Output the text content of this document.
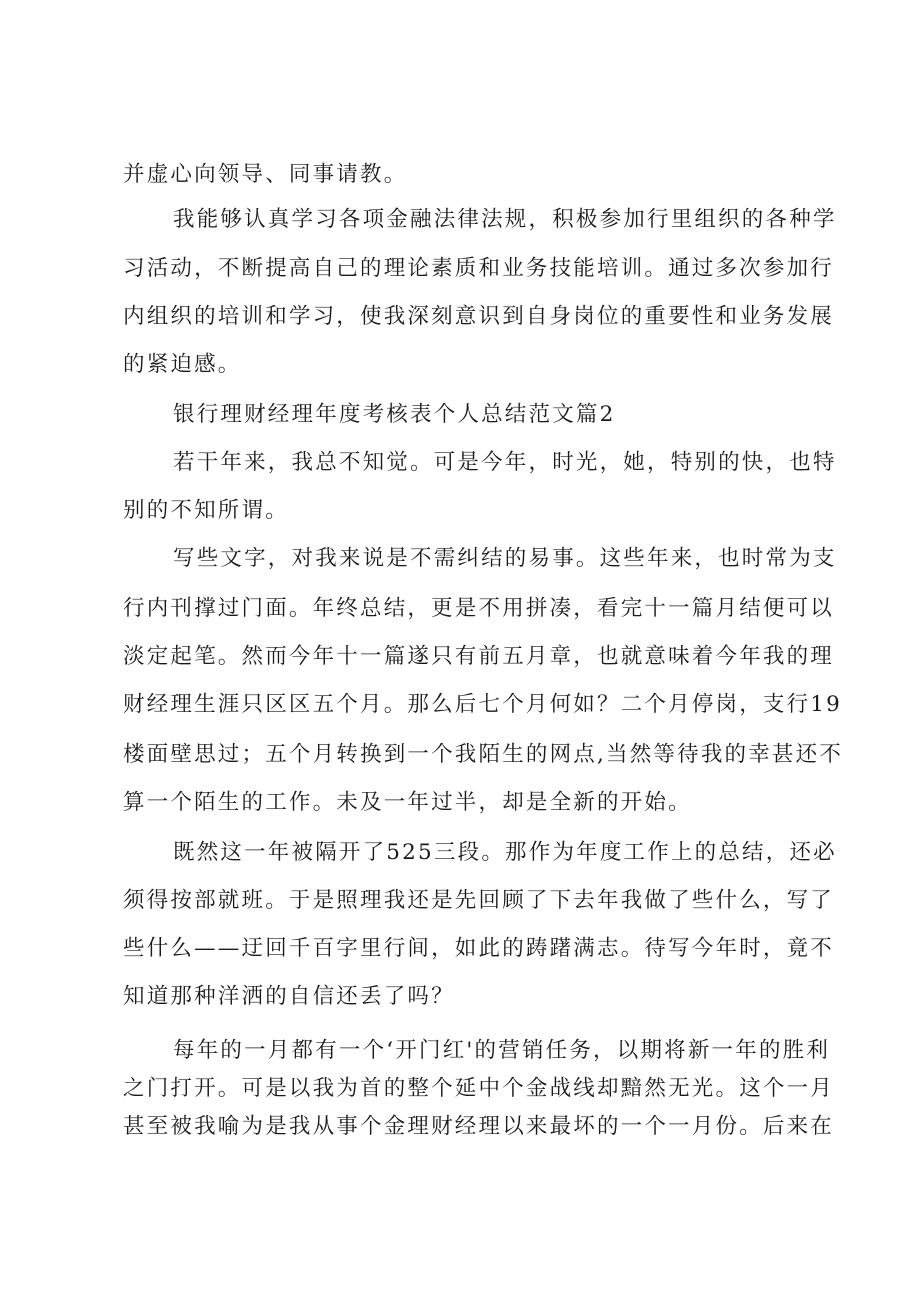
并虚心向领导、同事请教。
我能够认真学习各项金融法律法规，积极参加行里组织的各种学
习活动，不断提高自己的理论素质和业务技能培训。通过多次参加行
内组织的培训和学习，使我深刻意识到自身岗位的重要性和业务发展
的紧迫感。
银行理财经理年度考核表个人总结范文篇2
若干年来，我总不知觉。可是今年，时光，她，特别的快，也特
别的不知所谓。
写些文字，对我来说是不需纠结的易事。这些年来，也时常为支
行内刊撑过门面。年终总结，更是不用拼凑，看完十一篇月结便可以
淡定起笔。然而今年十一篇遂只有前五月章，也就意味着今年我的理
财经理生涯只区区五个月。那么后七个月何如？二个月停岗，支行19
楼面壁思过；五个月转换到一个我陌生的网点,当然等待我的幸甚还不
算一个陌生的工作。未及一年过半，却是全新的开始。
既然这一年被隔开了525三段。那作为年度工作上的总结，还必
须得按部就班。于是照理我还是先回顾了下去年我做了些什么，写了
些什么——迂回千百字里行间，如此的踌躇满志。待写今年时，竟不
知道那种洋洒的自信还丢了吗？
每年的一月都有一个‘开门红'的营销任务，以期将新一年的胜利
之门打开。可是以我为首的整个延中个金战线却黯然无光。这个一月
甚至被我喻为是我从事个金理财经理以来最坏的一个一月份。后来在
